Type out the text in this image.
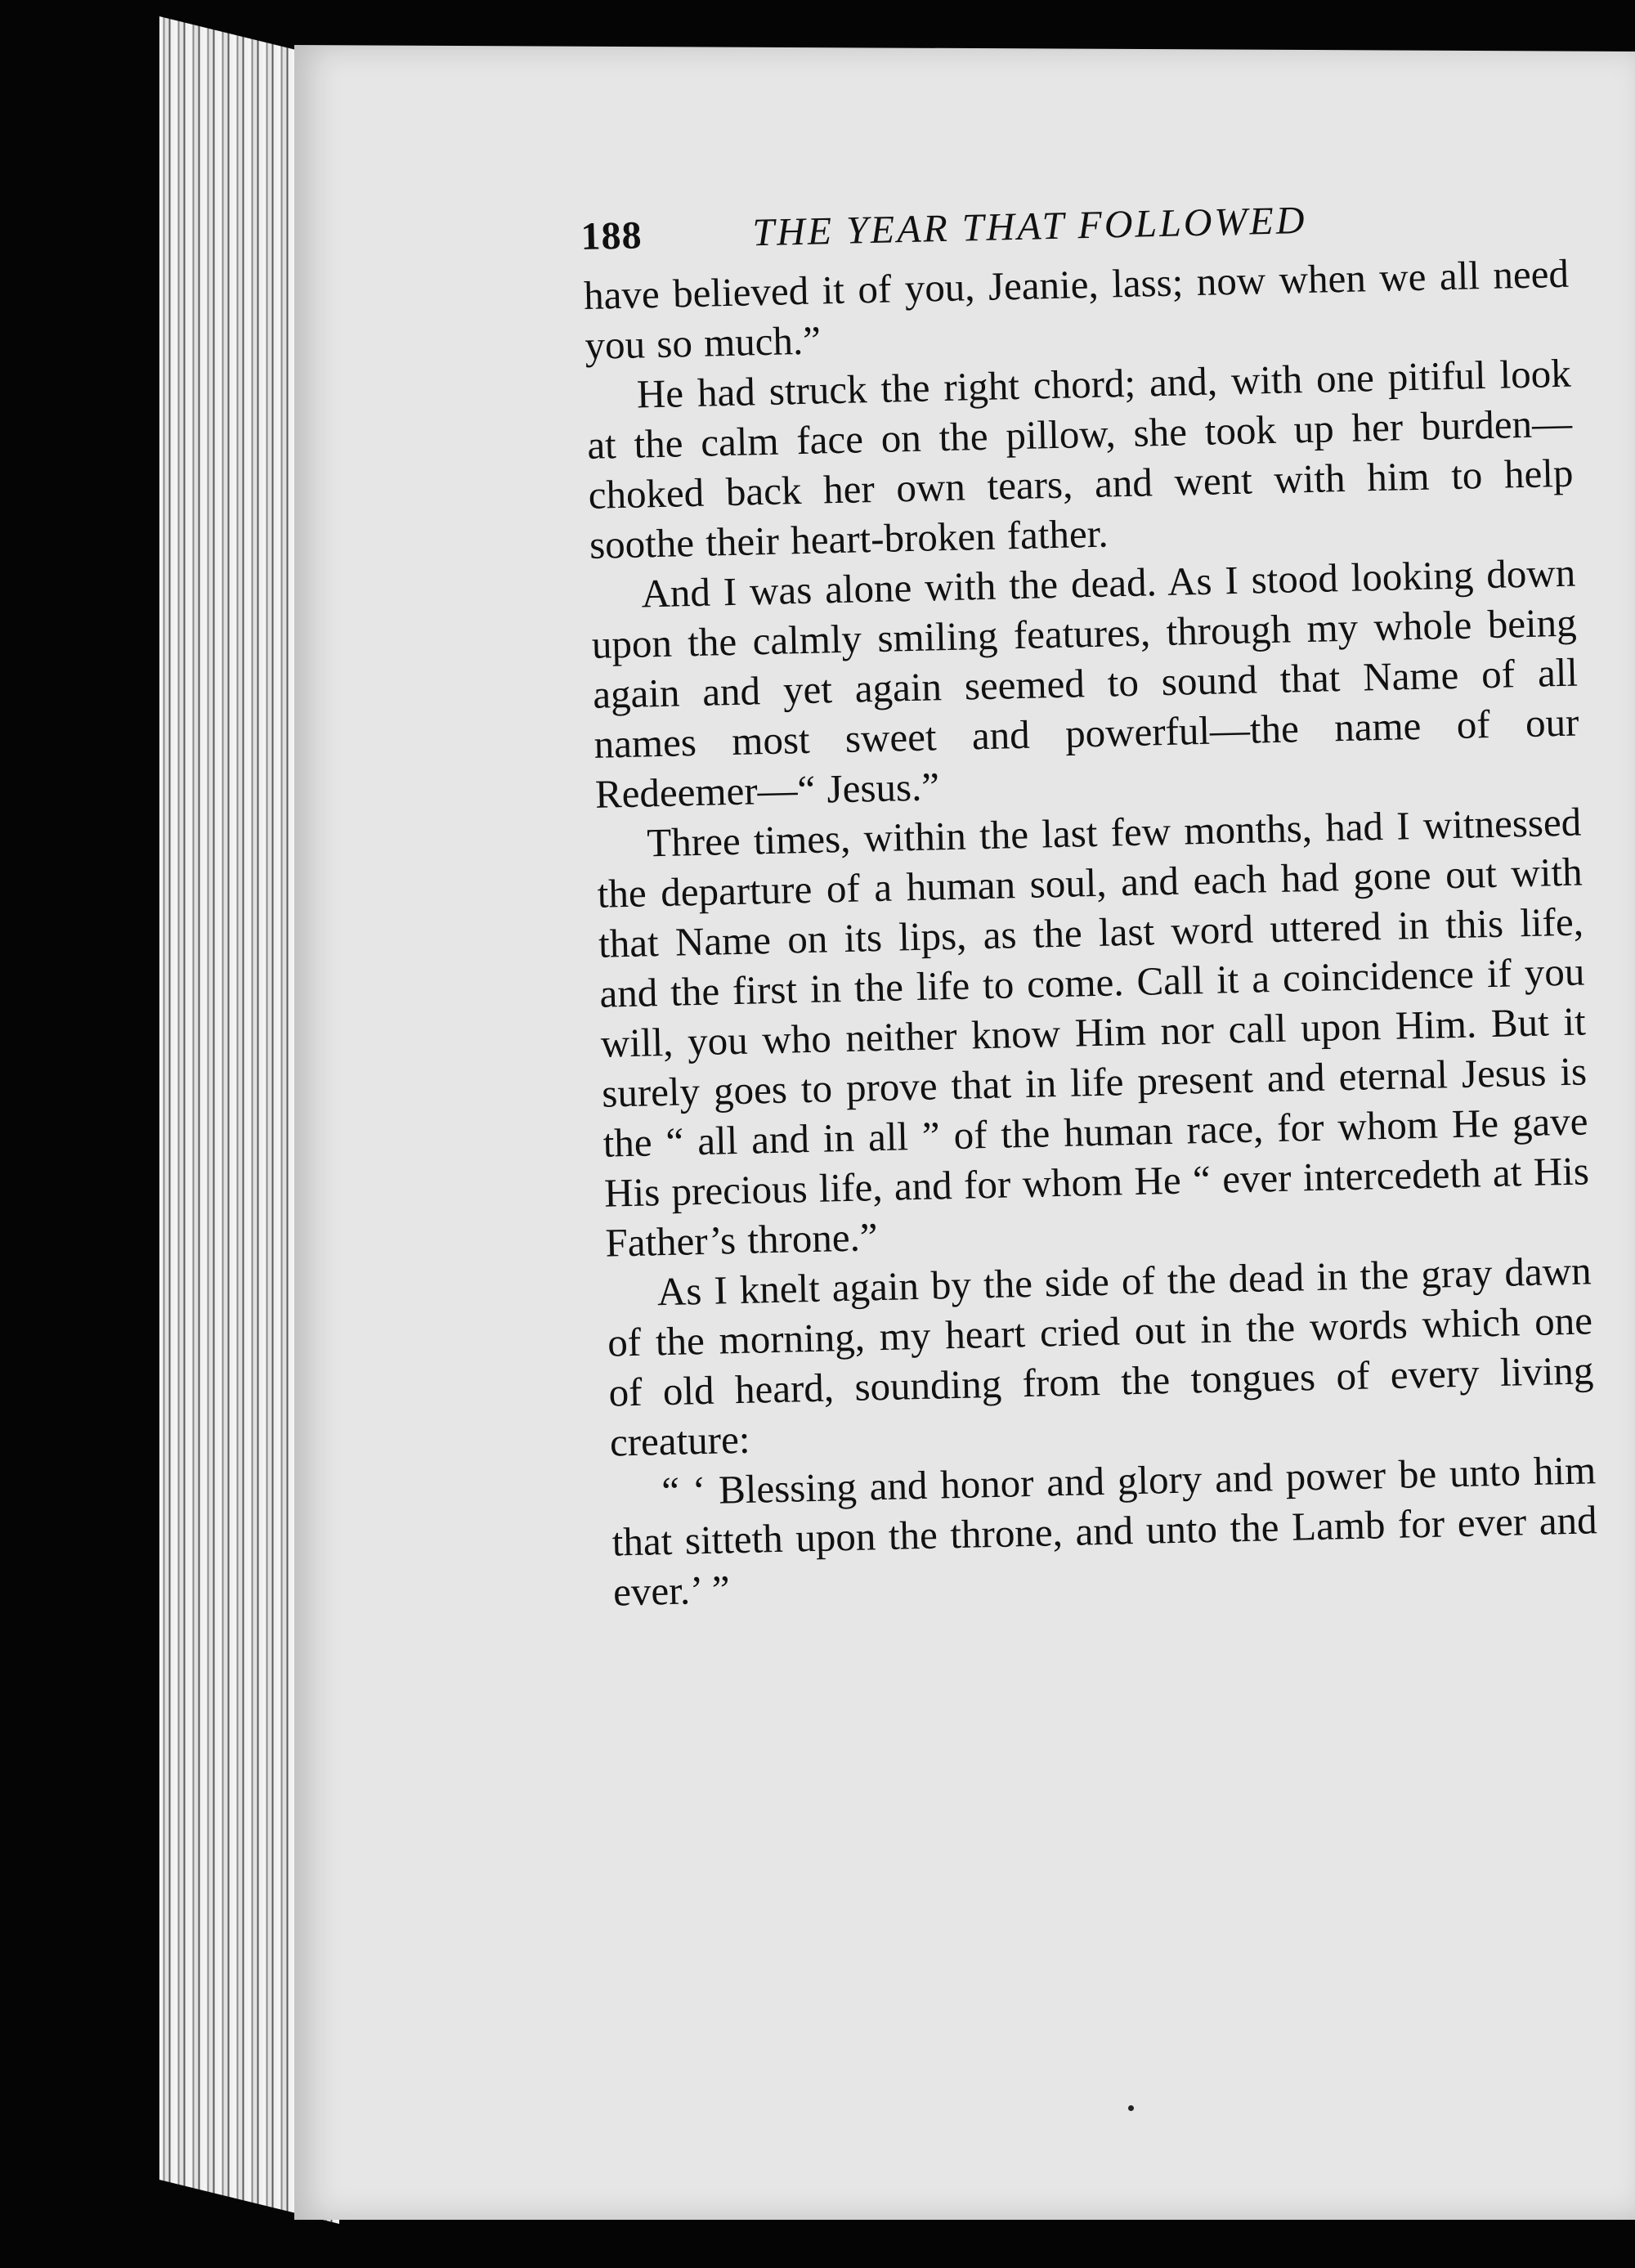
188	THE YEAR THAT FOLLOWED

have believed it of you, Jeanie, lass; now when we all need you so much.”

He had struck the right chord; and, with one pitiful look at the calm face on the pillow, she took up her burden—choked back her own tears, and went with him to help soothe their heart-broken father.

And I was alone with the dead. As I stood looking down upon the calmly smiling features, through my whole being again and yet again seemed to sound that Name of all names most sweet and powerful—the name of our Redeemer—“ Jesus.”

Three times, within the last few months, had I witnessed the departure of a human soul, and each had gone out with that Name on its lips, as the last word uttered in this life, and the first in the life to come. Call it a coincidence if you will, you who neither know Him nor call upon Him. But it surely goes to prove that in life present and eternal Jesus is the “ all and in all ” of the human race, for whom He gave His precious life, and for whom He “ ever intercedeth at His Father’s throne.”

As I knelt again by the side of the dead in the gray dawn of the morning, my heart cried out in the words which one of old heard, sounding from the tongues of every living creature:

“ ‘ Blessing and honor and glory and power be unto him that sitteth upon the throne, and unto the Lamb for ever and ever.’ ”
